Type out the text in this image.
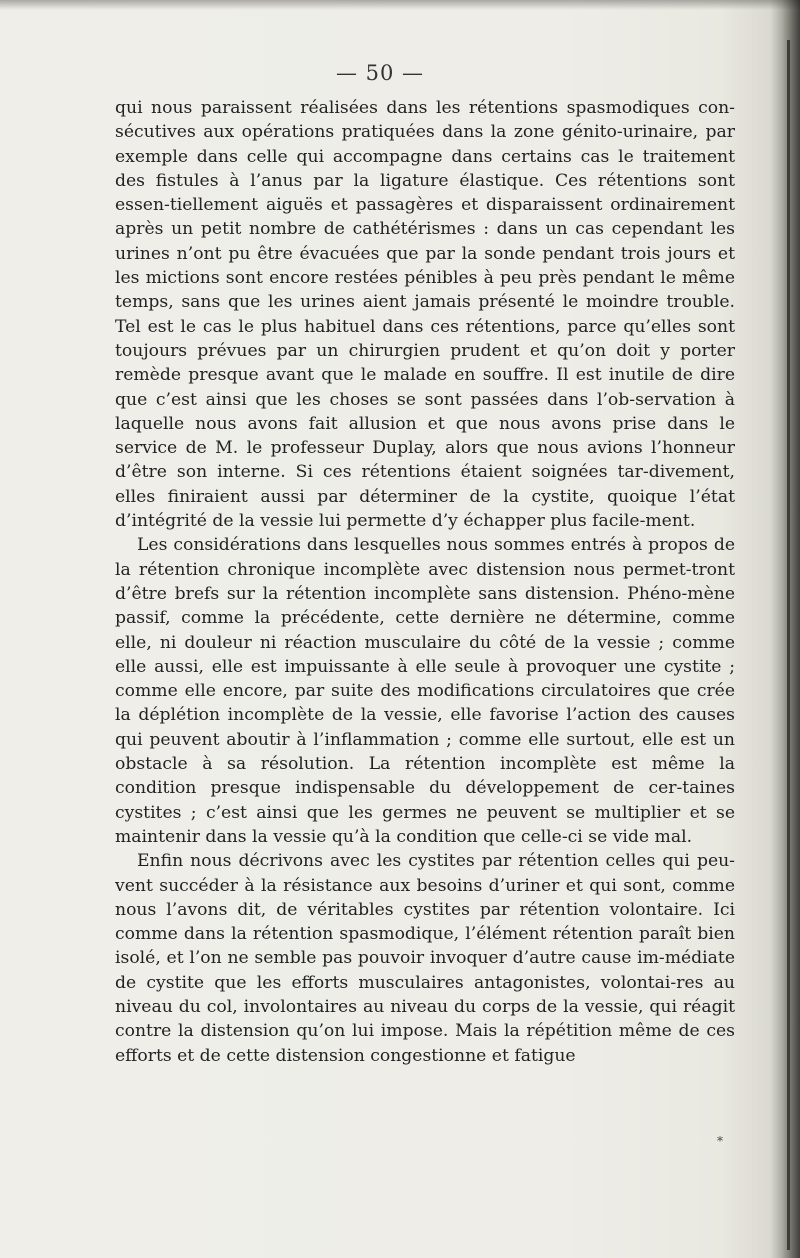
— 50 —

qui nous paraissent réalisées dans les rétentions spasmodiques con-sécutives aux opérations pratiquées dans la zone génito-urinaire, par exemple dans celle qui accompagne dans certains cas le traitement des fistules à l’anus par la ligature élastique. Ces rétentions sont essen-tiellement aiguës et passagères et disparaissent ordinairement après un petit nombre de cathétérismes : dans un cas cependant les urines n’ont pu être évacuées que par la sonde pendant trois jours et les mictions sont encore restées pénibles à peu près pendant le même temps, sans que les urines aient jamais présenté le moindre trouble. Tel est le cas le plus habituel dans ces rétentions, parce qu’elles sont toujours prévues par un chirurgien prudent et qu’on doit y porter remède presque avant que le malade en souffre. Il est inutile de dire que c’est ainsi que les choses se sont passées dans l’ob-servation à laquelle nous avons fait allusion et que nous avons prise dans le service de M. le professeur Duplay, alors que nous avions l’honneur d’être son interne. Si ces rétentions étaient soignées tar-divement, elles finiraient aussi par déterminer de la cystite, quoique l’état d’intégrité de la vessie lui permette d’y échapper plus facile-ment.

Les considérations dans lesquelles nous sommes entrés à propos de la rétention chronique incomplète avec distension nous permet-tront d’être brefs sur la rétention incomplète sans distension. Phéno-mène passif, comme la précédente, cette dernière ne détermine, comme elle, ni douleur ni réaction musculaire du côté de la vessie ; comme elle aussi, elle est impuissante à elle seule à provoquer une cystite ; comme elle encore, par suite des modifications circulatoires que crée la déplétion incomplète de la vessie, elle favorise l’action des causes qui peuvent aboutir à l’inflammation ; comme elle surtout, elle est un obstacle à sa résolution. La rétention incomplète est même la condition presque indispensable du développement de cer-taines cystites ; c’est ainsi que les germes ne peuvent se multiplier et se maintenir dans la vessie qu’à la condition que celle-ci se vide mal.

Enfin nous décrivons avec les cystites par rétention celles qui peu-vent succéder à la résistance aux besoins d’uriner et qui sont, comme nous l’avons dit, de véritables cystites par rétention volontaire. Ici comme dans la rétention spasmodique, l’élément rétention paraît bien isolé, et l’on ne semble pas pouvoir invoquer d’autre cause im-médiate de cystite que les efforts musculaires antagonistes, volontai-res au niveau du col, involontaires au niveau du corps de la vessie, qui réagit contre la distension qu’on lui impose. Mais la répétition même de ces efforts et de cette distension congestionne et fatigue

*
